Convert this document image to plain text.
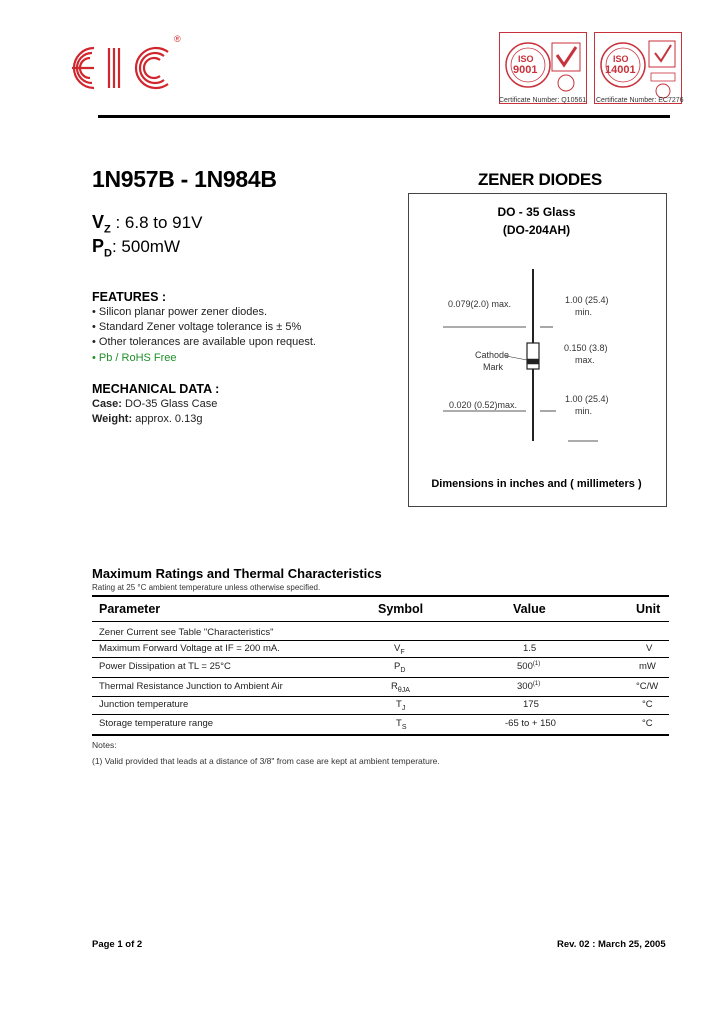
®
ISO
9001
Certificate Number: Q10561
ISO
14001
Certificate Number: EC7276
1N957B - 1N984B	ZENER DIODES
$V_Z$ : 6.8 to 91V
$P_D$: 500mW
DO - 35 Glass
(DO-204AH)
0.079(2.0) max.	1.00 (25.4)
min.
Cathode
Mark
0.150 (3.8)
max.
0.020 (0.52)max.
1.00 (25.4)
min.
Dimensions in inches and ( millimeters )
FEATURES :
• Silicon planar power zener diodes.
• Standard Zener voltage tolerance is ± 5%
• Other tolerances are available upon request.
• Pb / RoHS Free
MECHANICAL DATA :
Case: DO-35 Glass Case
Weight: approx. 0.13g
Maximum Ratings and Thermal Characteristics
Rating at 25 °C ambient temperature unless otherwise specified.
Parameter	Symbol	Value	Unit
Zener Current see Table "Characteristics"
Maximum Forward Voltage at IF = 200 mA.	$V_F$	1.5	V
Power Dissipation at TL = 25°C	$P_D$	500$^{(1)}$	mW
Thermal Resistance Junction to Ambient Air	$R_{\theta JA}$	300$^{(1)}$	°C/W
Junction temperature	$T_J$	175	°C
Storage temperature range	$T_S$	-65 to + 150	°C
Notes:
(1) Valid provided that leads at a distance of 3/8" from case are kept at ambient temperature.
Page 1 of 2	Rev. 02 : March 25, 2005
